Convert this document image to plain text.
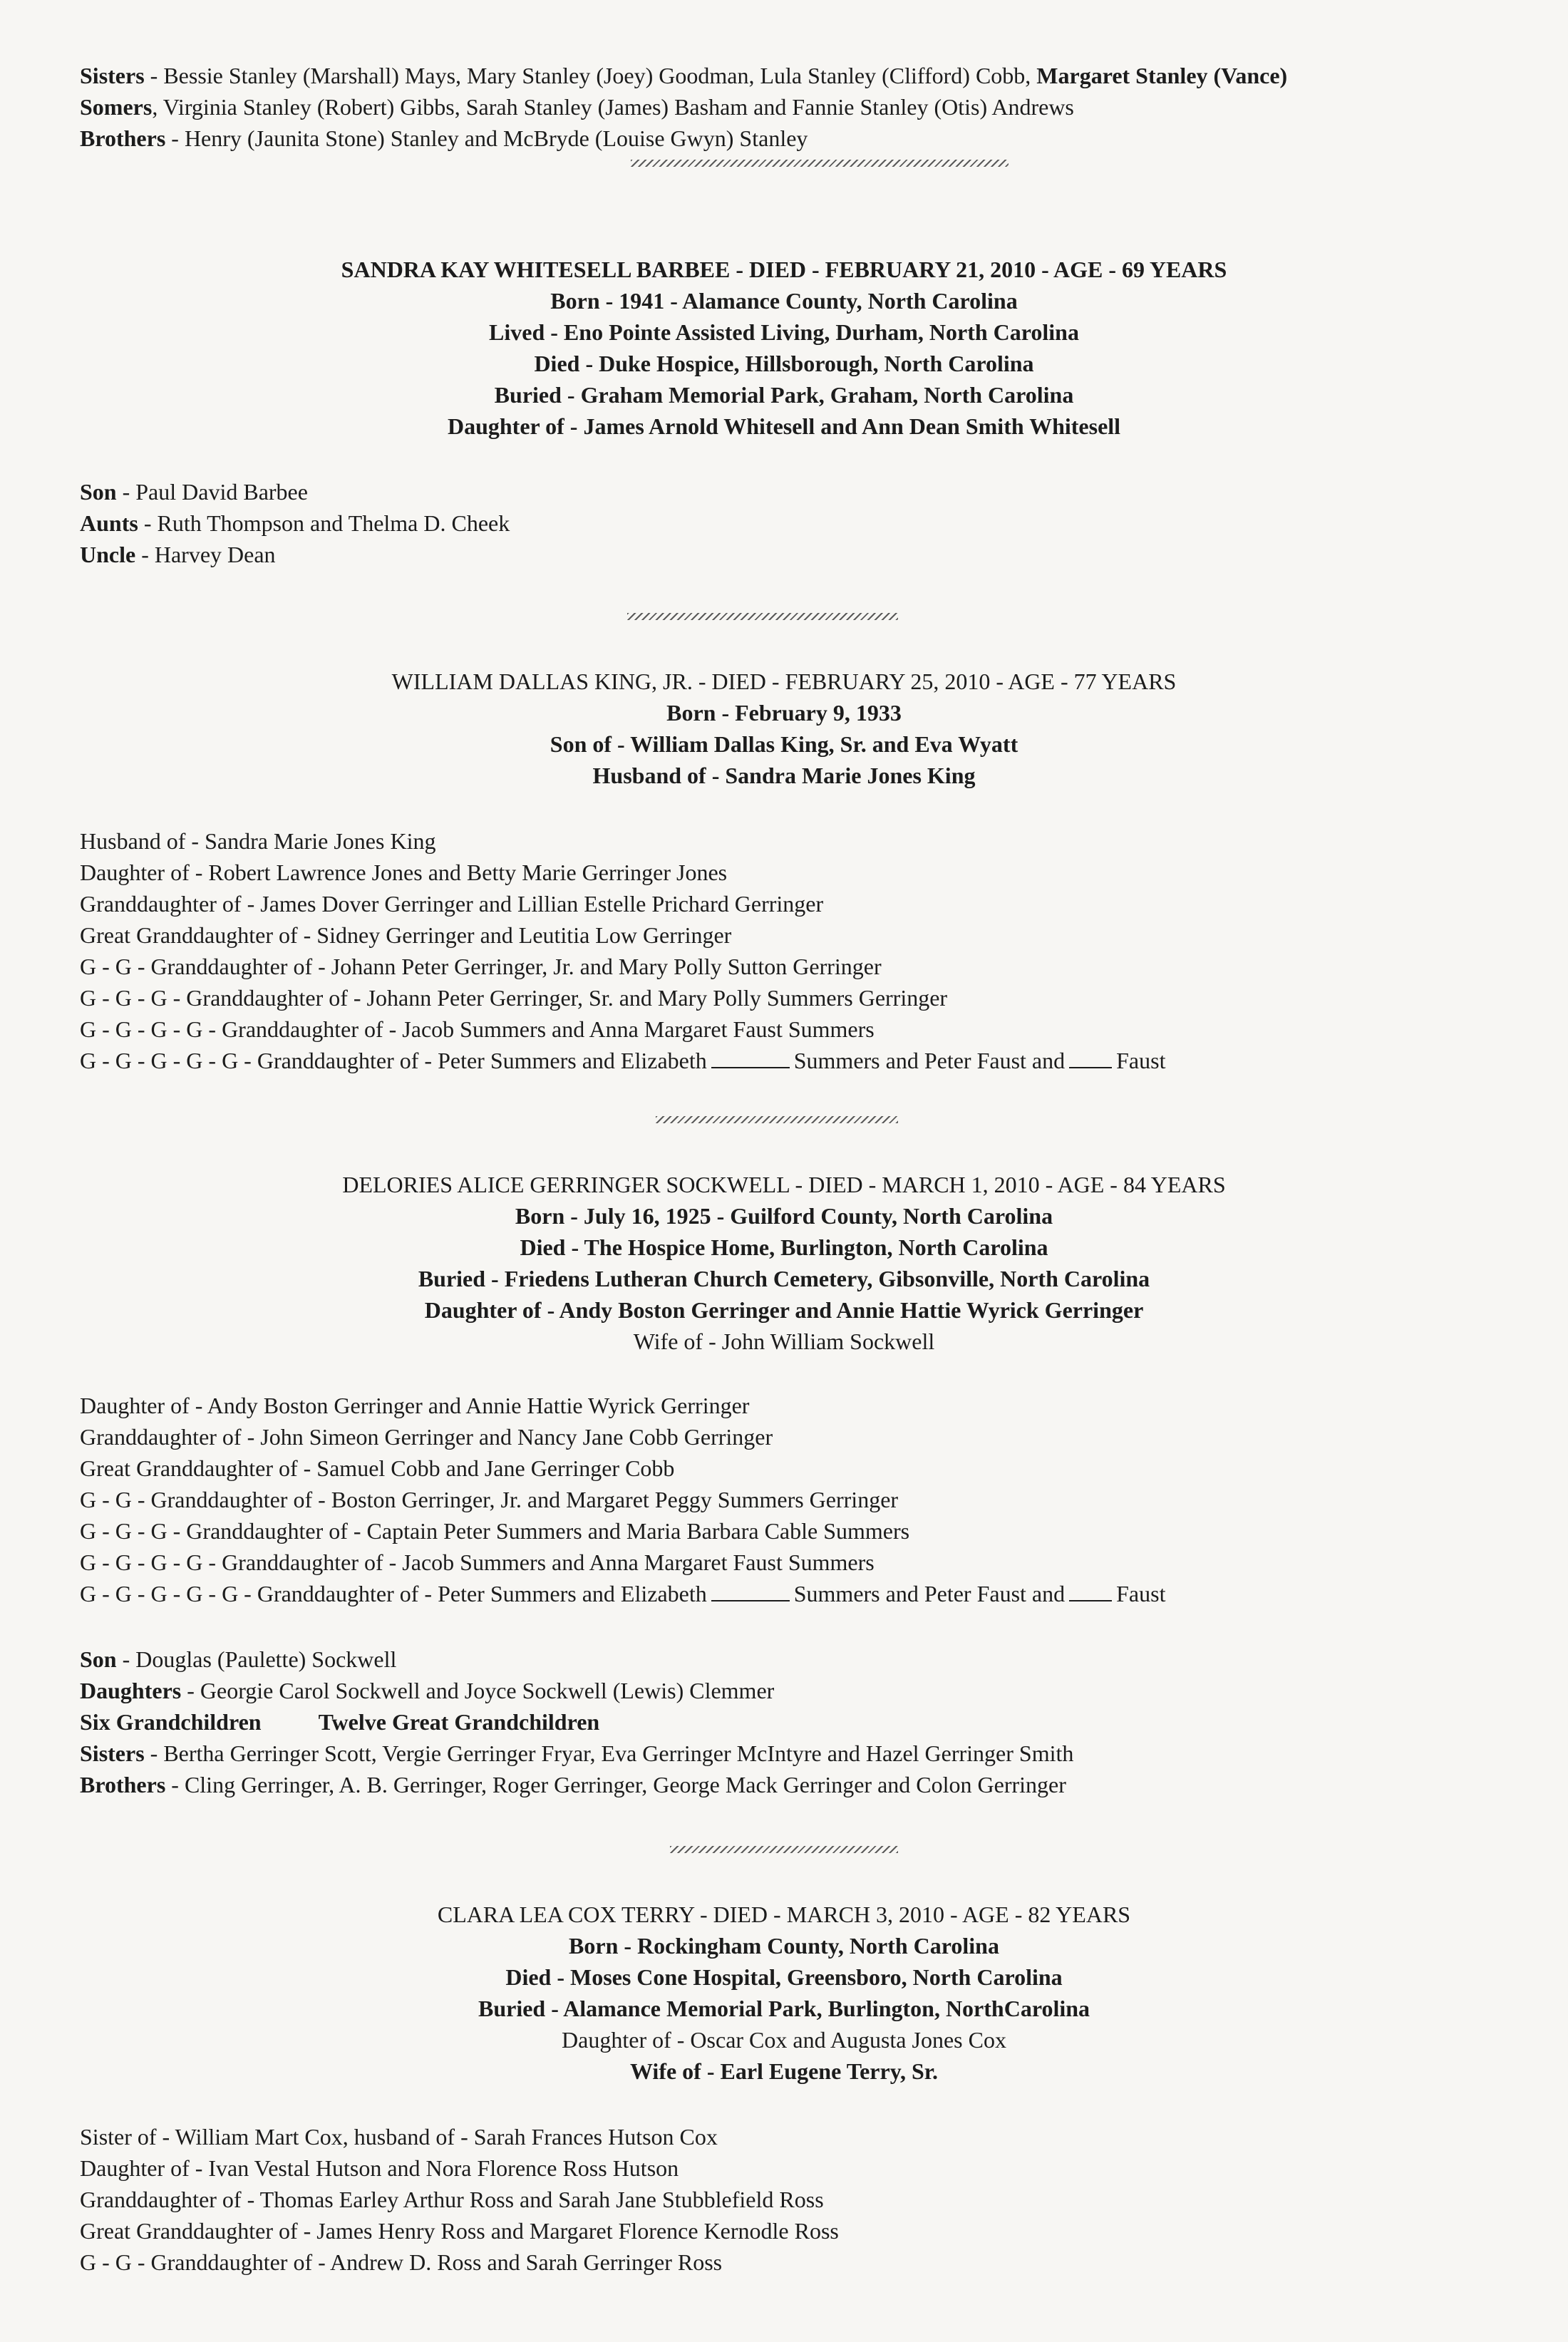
Sisters - Bessie Stanley (Marshall) Mays, Mary Stanley (Joey) Goodman, Lula Stanley (Clifford) Cobb, Margaret Stanley (Vance)
Somers, Virginia Stanley (Robert) Gibbs, Sarah Stanley (James) Basham and Fannie Stanley (Otis) Andrews
Brothers - Henry (Jaunita Stone) Stanley and McBryde (Louise Gwyn) Stanley
SANDRA KAY WHITESELL BARBEE - DIED - FEBRUARY 21, 2010 - AGE - 69 YEARS
Born - 1941 - Alamance County, North Carolina
Lived - Eno Pointe Assisted Living, Durham, North Carolina
Died - Duke Hospice, Hillsborough, North Carolina
Buried - Graham Memorial Park, Graham, North Carolina
Daughter of - James Arnold Whitesell and Ann Dean Smith Whitesell
Son - Paul David Barbee
Aunts - Ruth Thompson and Thelma D. Cheek
Uncle - Harvey Dean
WILLIAM DALLAS KING, JR. - DIED - FEBRUARY 25, 2010 - AGE - 77 YEARS
Born - February 9, 1933
Son of - William Dallas King, Sr. and Eva Wyatt
Husband of - Sandra Marie Jones King
Husband of - Sandra Marie Jones King
Daughter of - Robert Lawrence Jones and Betty Marie Gerringer Jones
Granddaughter of - James Dover Gerringer and Lillian Estelle Prichard Gerringer
Great Granddaughter of - Sidney Gerringer and Leutitia Low Gerringer
G - G - Granddaughter of - Johann Peter Gerringer, Jr. and Mary Polly Sutton Gerringer
G - G - G - Granddaughter of - Johann Peter Gerringer, Sr. and Mary Polly Summers Gerringer
G - G - G - G - Granddaughter of - Jacob Summers and Anna Margaret Faust Summers
G - G - G - G - G - Granddaughter of - Peter Summers and Elizabeth	Summers and Peter Faust and Faust
DELORIES ALICE GERRINGER SOCKWELL - DIED - MARCH 1, 2010 - AGE - 84 YEARS
Born - July 16, 1925 - Guilford County, North Carolina
Died - The Hospice Home, Burlington, North Carolina
Buried - Friedens Lutheran Church Cemetery, Gibsonville, North Carolina
Daughter of - Andy Boston Gerringer and Annie Hattie Wyrick Gerringer
Wife of - John William Sockwell
Daughter of - Andy Boston Gerringer and Annie Hattie Wyrick Gerringer
Granddaughter of - John Simeon Gerringer and Nancy Jane Cobb Gerringer
Great Granddaughter of - Samuel Cobb and Jane Gerringer Cobb
G - G - Granddaughter of - Boston Gerringer, Jr. and Margaret Peggy Summers Gerringer
G - G - G - Granddaughter of - Captain Peter Summers and Maria Barbara Cable Summers
G - G - G - G - Granddaughter of - Jacob Summers and Anna Margaret Faust Summers
G - G - G - G - G - Granddaughter of - Peter Summers and Elizabeth	Summers and Peter Faust and Faust
Son - Douglas (Paulette) Sockwell
Daughters - Georgie Carol Sockwell and Joyce Sockwell (Lewis) Clemmer
Six Grandchildren	Twelve Great Grandchildren
Sisters - Bertha Gerringer Scott, Vergie Gerringer Fryar, Eva Gerringer McIntyre and Hazel Gerringer Smith
Brothers - Cling Gerringer, A. B. Gerringer, Roger Gerringer, George Mack Gerringer and Colon Gerringer
CLARA LEA COX TERRY - DIED - MARCH 3, 2010 - AGE - 82 YEARS
Born - Rockingham County, North Carolina
Died - Moses Cone Hospital, Greensboro, North Carolina
Buried - Alamance Memorial Park, Burlington, NorthCarolina
Daughter of - Oscar Cox and Augusta Jones Cox
Wife of - Earl Eugene Terry, Sr.
Sister of - William Mart Cox, husband of - Sarah Frances Hutson Cox
Daughter of - Ivan Vestal Hutson and Nora Florence Ross Hutson
Granddaughter of - Thomas Earley Arthur Ross and Sarah Jane Stubblefield Ross
Great Granddaughter of - James Henry Ross and Margaret Florence Kernodle Ross
G - G - Granddaughter of - Andrew D. Ross and Sarah Gerringer Ross
